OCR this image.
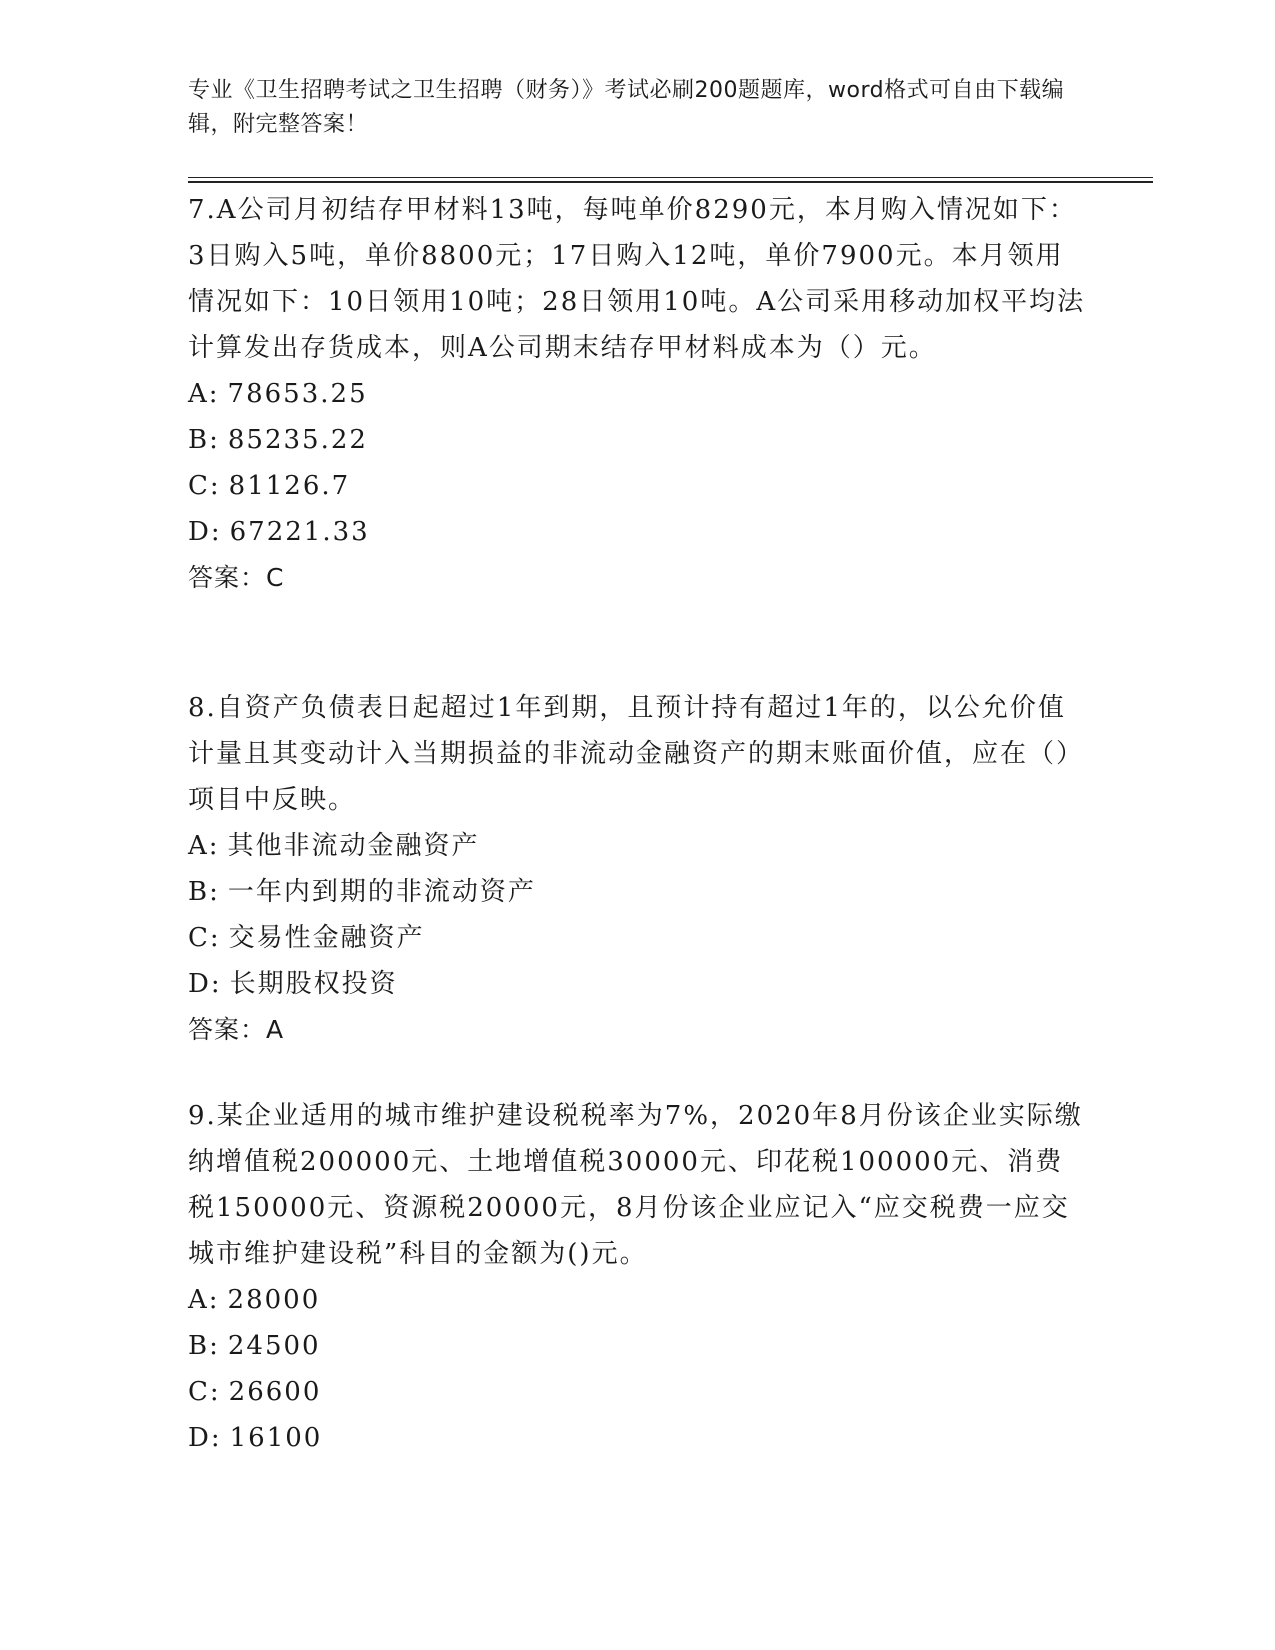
专业《卫生招聘考试之卫生招聘（财务）》考试必刷200题题库，word格式可自由下载编辑，附完整答案！

7.A公司月初结存甲材料13吨，每吨单价8290元，本月购入情况如下：3日购入5吨，单价8800元；17日购入12吨，单价7900元。本月领用情况如下：10日领用10吨；28日领用10吨。A公司采用移动加权平均法计算发出存货成本，则A公司期末结存甲材料成本为（）元。

A: 78653.25

B: 85235.22

C: 81126.7

D: 67221.33

答案：C

8.自资产负债表日起超过1年到期，且预计持有超过1年的，以公允价值计量且其变动计入当期损益的非流动金融资产的期末账面价值，应在（）项目中反映。

A: 其他非流动金融资产

B: 一年内到期的非流动资产

C: 交易性金融资产

D: 长期股权投资

答案：A

9.某企业适用的城市维护建设税税率为7%，2020年8月份该企业实际缴纳增值税200000元、土地增值税30000元、印花税100000元、消费税150000元、资源税20000元，8月份该企业应记入“应交税费一应交城市维护建设税”科目的金额为()元。

A: 28000

B: 24500

C: 26600

D: 16100
